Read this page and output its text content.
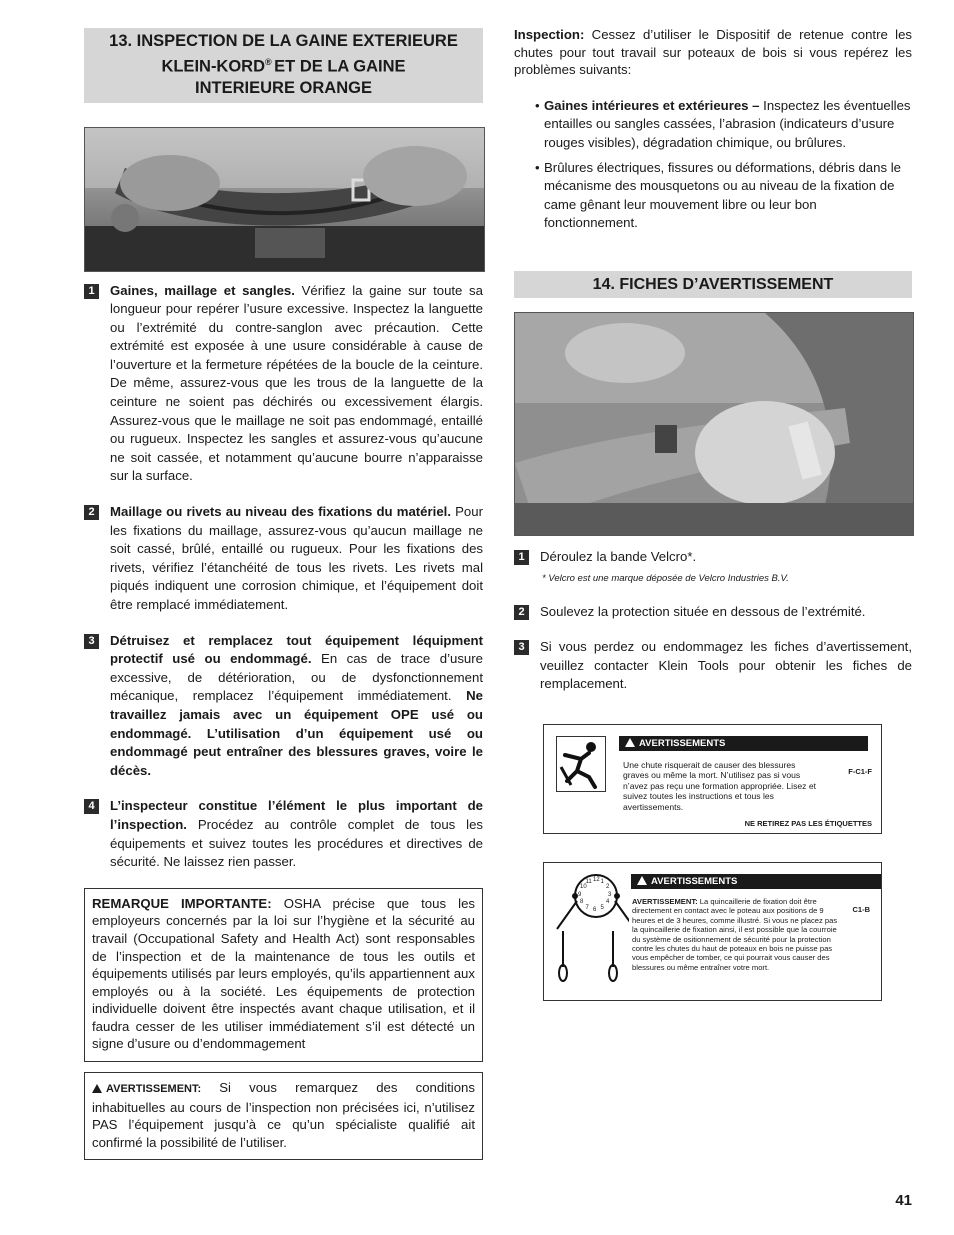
13. INSPECTION DE LA GAINE EXTERIEURE
KLEIN-KORD® ET DE LA GAINE
INTERIEURE ORANGE
1	Gaines, maillage et sangles. Vérifiez la gaine sur toute sa longueur pour repérer l’usure excessive. Inspectez la languette ou l’extrémité du contre-sanglon avec précaution. Cette extrémité est exposée à une usure considérable à cause de l’ouverture et la fermeture répétées de la boucle de la ceinture. De même, assurez-vous que les trous de la languette de la ceinture ne soient pas déchirés ou excessivement élargis. Assurez-vous que le maillage ne soit pas endommagé, entaillé ou rugueux. Inspectez les sangles et assurez-vous qu’aucune ne soit cassée, et notamment qu’aucune bourre n’apparaisse sur la surface.
2	Maillage ou rivets au niveau des fixations du matériel. Pour les fixations du maillage, assurez-vous qu’aucun maillage ne soit cassé, brûlé, entaillé ou rugueux. Pour les fixations des rivets, vérifiez l’étanchéité de tous les rivets. Les rivets mal piqués indiquent une corrosion chimique, et l’équipement doit être remplacé immédiatement.
3	Détruisez et remplacez tout équipement léquipment protectif usé ou endommagé. En cas de trace d’usure excessive, de détérioration, ou de dysfonctionnement mécanique, remplacez l’équipement immédiatement. Ne travaillez jamais avec un équipement OPE usé ou endommagé. L’utilisation d’un équipement usé ou endommagé peut entraîner des blessures graves, voire le décès.
4	L’inspecteur constitue l’élément le plus important de l’inspection. Procédez au contrôle complet de tous les équipements et suivez toutes les procédures et directives de sécurité. Ne laissez rien passer.
REMARQUE IMPORTANTE: OSHA précise que tous les employeurs concernés par la loi sur l’hygiène et la sécurité au travail (Occupational Safety and Health Act) sont responsables de l’inspection et de la maintenance de tous les outils et équipements utilisés par leurs employés, qu’ils appartiennent aux employés ou à la société. Les équipements de protection individuelle doivent être inspectés avant chaque utilisation, et il faudra cesser de les utiliser immédiatement s’il est détecté un signe d’usure ou d’endommagement
AVERTISSEMENT: Si vous remarquez des conditions inhabituelles au cours de l’inspection non précisées ici, n’utilisez PAS l’équipement jusqu’à ce qu’un spécialiste qualifié ait confirmé la possibilité de l’utiliser.
Inspection: Cessez d’utiliser le Dispositif de retenue contre les chutes pour tout travail sur poteaux de bois si vous repérez les problèmes suivants:
• Gaines intérieures et extérieures – Inspectez les éventuelles entailles ou sangles cassées, l’abrasion (indicateurs d’usure rouges visibles), dégradation chimique, ou brûlures.
• Brûlures électriques, fissures ou déformations, débris dans le mécanisme des mousquetons ou au niveau de la fixation de came gênant leur mouvement libre ou leur bon fonctionnement.
14. FICHES D’AVERTISSEMENT
1	Déroulez la bande Velcro*.
* Velcro est une marque déposée de Velcro Industries B.V.
2	Soulevez la protection située en dessous de l’extrémité.
3	Si vous perdez ou endommagez les fiches d’avertissement, veuillez contacter Klein Tools pour obtenir les fiches de remplacement.
AVERTISSEMENTS
Une chute risquerait de causer des blessures graves ou même la mort. N’utilisez pas si vous n’avez pas reçu une formation appropriée. Lisez et suivez toutes les instructions et tous les avertissements.
F-C1-F
NE RETIREZ PAS LES ÉTIQUETTES
12 1
2
3
4
5
6
7
8
9
10
11	AVERTISSEMENTS
AVERTISSEMENT: La quincaillerie de fixation doit être directement en contact avec le poteau aux positions de 9 heures et de 3 heures, comme illustré. Si vous ne placez pas la quincaillerie de fixation ainsi, il est possible que la courroie du système de ositionnement de sécurité pour la protection contre les chutes du haut de poteaux en bois ne puisse pas vous empêcher de tomber, ce qui pourrait vous causer des blessures ou même entraîner votre mort.
C1-B
41
